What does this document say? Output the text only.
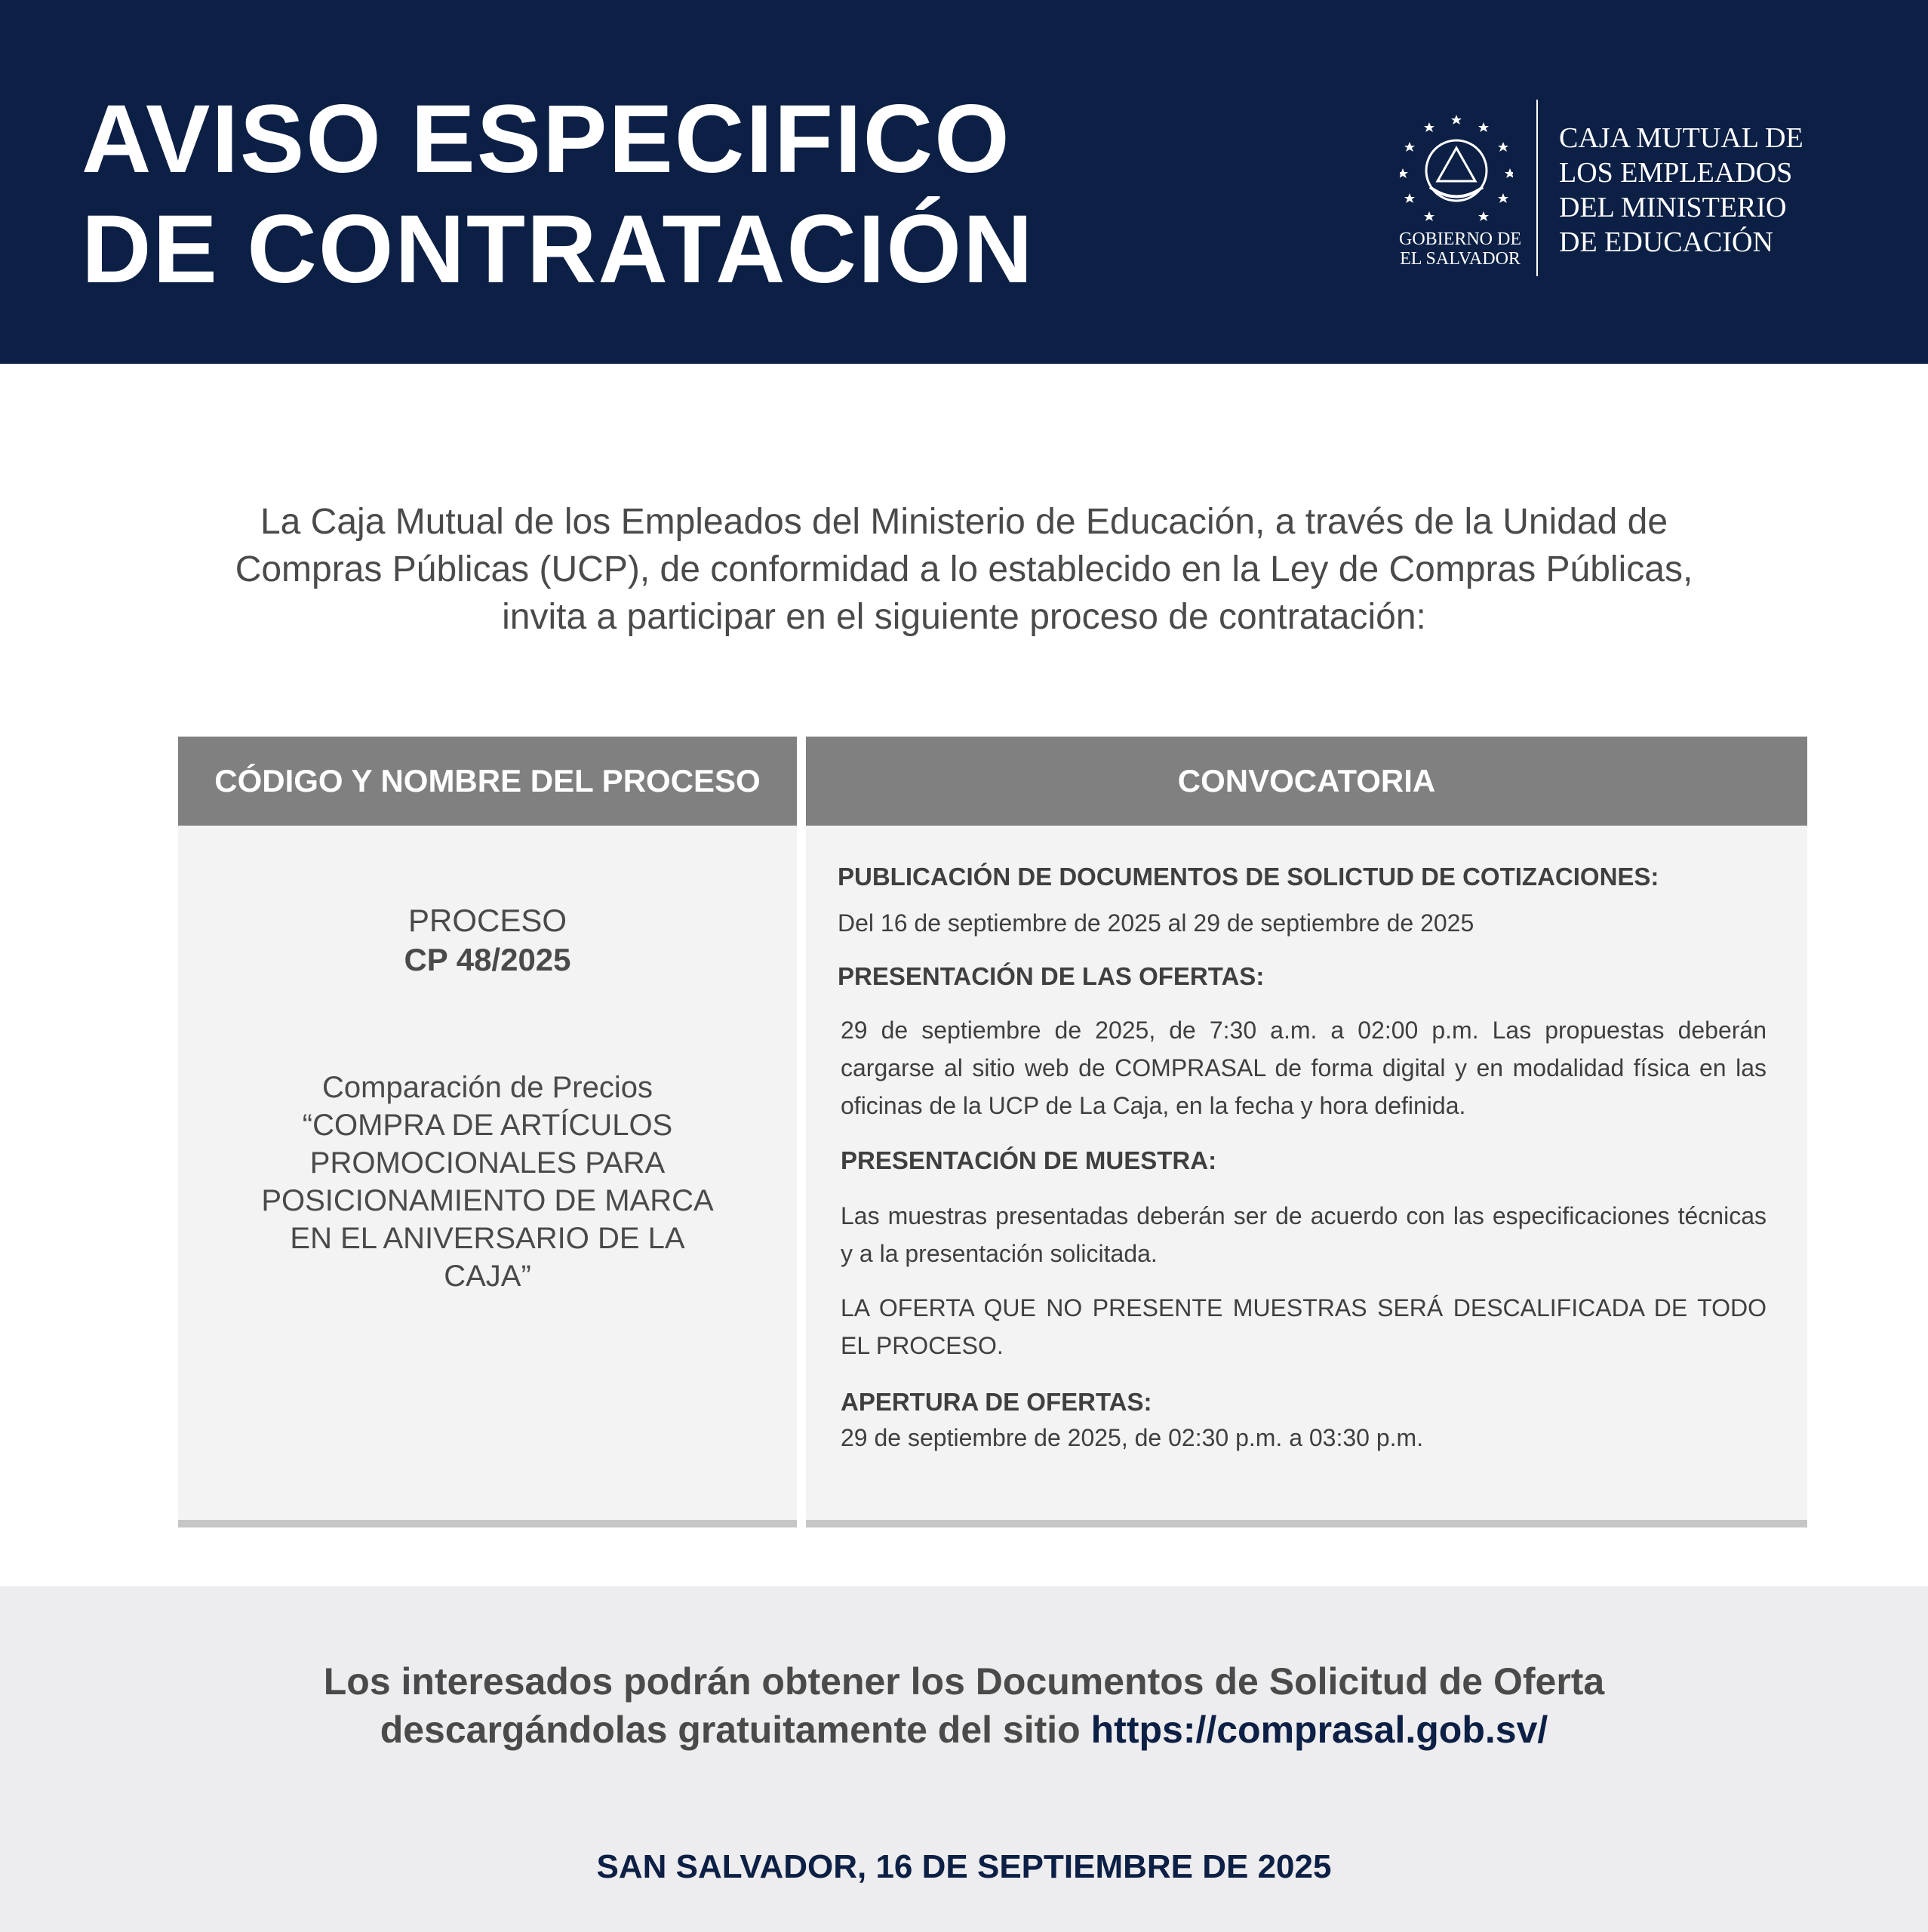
AVISO ESPECIFICO
DE CONTRATACIÓN	GOBIERNO DE
EL SALVADOR
CAJA MUTUAL DE
LOS EMPLEADOS
DEL MINISTERIO
DE EDUCACIÓN
La Caja Mutual de los Empleados del Ministerio de Educación, a través de la Unidad de
Compras Públicas (UCP), de conformidad a lo establecido en la Ley de Compras Públicas,
invita a participar en el siguiente proceso de contratación:
CÓDIGO Y NOMBRE DEL PROCESO	CONVOCATORIA
PROCESO
CP 48/2025
Comparación de Precios
“COMPRA DE ARTÍCULOS
PROMOCIONALES PARA
POSICIONAMIENTO DE MARCA
EN EL ANIVERSARIO DE LA
CAJA”
PUBLICACIÓN DE DOCUMENTOS DE SOLICTUD DE COTIZACIONES:
Del 16 de septiembre de 2025 al 29 de septiembre de 2025
PRESENTACIÓN DE LAS OFERTAS:
29 de septiembre de 2025, de 7:30 a.m. a 02:00 p.m. Las propuestas deberán cargarse al sitio web de COMPRASAL de forma digital y en modalidad física en las oficinas de la UCP de La Caja, en la fecha y hora definida.
PRESENTACIÓN DE MUESTRA:
Las muestras presentadas deberán ser de acuerdo con las especificaciones técnicas y a la presentación solicitada.
LA OFERTA QUE NO PRESENTE MUESTRAS SERÁ DESCALIFICADA DE TODO EL PROCESO.
APERTURA DE OFERTAS:
29 de septiembre de 2025, de 02:30 p.m. a 03:30 p.m.
Los interesados podrán obtener los Documentos de Solicitud de Oferta
descargándolas gratuitamente del sitio https://comprasal.gob.sv/
SAN SALVADOR, 16 DE SEPTIEMBRE DE 2025
